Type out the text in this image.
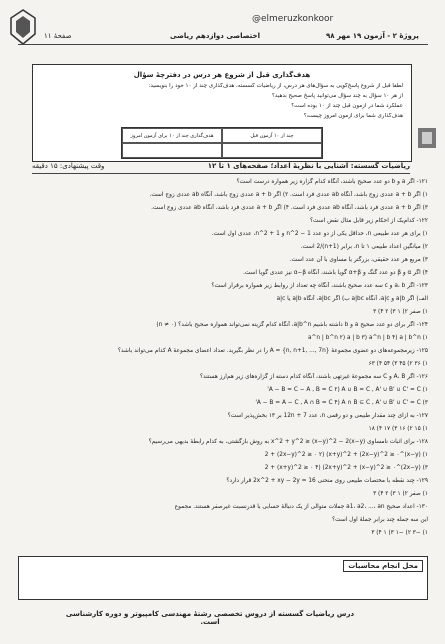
@elmeruzkonkoor
صفحهٔ ۱۱	اختصاصی دوازدهم ریاضی	پروژهٔ ۲ - آزمون ۱۹ مهر ۹۸
هدف‌گذاری قبل از شروع هر درس در دفترچهٔ سؤال
لطفاً قبل از شروع پاسخ‌گویی به سؤال‌های هر درس، از ریاضیات گسسته، هدف‌گذاری چند از ۱۰ خود را بنویسید:
از هر ۱۰ سؤال به چند سؤال می‌توانید پاسخ صحیح بدهید؟
عملکرد شما در آزمون قبل چند از ۱۰ بوده است؟
هدف‌گذاری شما برای آزمون امروز چیست؟
هدف‌گذاری چند از ۱۰ برای آزمون امروز	چند از ۱۰ آزمون قبل
ریاضیات گسسته: آشنایی با نظریهٔ اعداد؛ صفحه‌های ۱ تا ۱۲
وقت پیشنهادی: ۱۵ دقیقه
۱۲۱- اگر a و b دو عدد صحیح باشند، آنگاه کدام گزاره زیر همواره درست است؟
۱) اگر a + b عددی زوج باشد، آنگاه ab عددی فرد است. ۲) اگر a + b عددی زوج باشد، آنگاه ab عددی زوج است.
۳) اگر a + b عددی فرد باشد، آنگاه ab عددی فرد است. ۴) اگر a + b عددی فرد باشد، آنگاه ab عددی زوج است.
۱۲۲- کدام‌یک از احکام زیر قابل مثال نقض است؟
۱) برای هر عدد طبیعی n، حداقل یکی از دو عدد 1 − 2^n و 1 + 2^n، عددی اول است.
۲) میانگین اعداد طبیعی ۱ تا n، برابر (n+1)/2 است.
۳) مربع هر عدد حقیقی، بزرگتر یا مساوی با آن عدد است.
۴) اگر α و β دو عدد گنگ و α+β گویا باشند، آنگاه α−β نیز عددی گویا است.
۱۲۳- اگر a، b و c سه عدد صحیح باشند، آنگاه چه تعداد از روابط زیر همواره برقرار است؟
الف) اگر a|b و a|c، آنگاه a|bc ب) اگر a|bc، آنگاه a|b یا a|c
۱) صفر ۲) ۱ ۳) ۲ ۴) ۳
۱۲۴- اگر برای دو عدد صحیح a و b داشته باشیم a|b^n، آنگاه کدام گزینه نمی‌تواند همواره صحیح باشد؟ (n ≠ ۰)
۱) a^n | b^n ۲) a | b ۳) a^n | b ۴) a | b^n
۱۲۵- زیرمجموعه‌های دو عضوی مجموعهٔ A = {n, n+1, ..., 7n} را در نظر بگیرید. تعداد اعضای مجموعهٔ A کدام می‌تواند باشد؟
۱) ۳۶ ۲) ۴۵ ۳) ۵۴ ۴) ۶۳
۱۲۶- اگر A، B و C سه مجموعهٔ غیرتهی باشند، آنگاه کدام دسته از گزاره‌های زیر هم‌ارز هستند؟
۱) A − B = C − A , B = C ۲) A ∪ B = C , A' ∪ B' ∪ C' = C'
۳) A − B = A − C , A ∩ B = C ۴) A ∩ B ⊆ C , A' ∪ B' ∪ C' = C'
۱۲۷- به ازای چند مقدار طبیعی و دو رقمی n، عدد 12n + 7 بر ۱۳ بخش‌پذیر است؟
۱) ۱۵ ۲) ۱۶ ۳) ۱۷ ۴) ۱۸
۱۲۸- برای اثبات نامساوی x^2 + y^2 ≥ (x−y)^2 − 2(x−y) به روش بازگشتی، به کدام رابطهٔ بدیهی می‌رسیم؟
۱) (x−y)^2 + (2x−y)^2 ≥ ۰ ۲) (x+y)^2 + (2x−y)^2 ≥ ۰
۳) (2x−y)^2 + (x+y)^2 ≥ ۰ ۴) (2x+y)^2 + (x−y)^2 ≥ ۰
۱۲۹- چند نقطه با مختصات طبیعی روی منحنی 2x^2 + xy − 2y = 16 قرار دارد؟
۱) صفر ۲) ۱ ۳) ۲ ۴) ۳
۱۳۰- اعداد صحیح a1، a2، ...، an جملات متوالی از یک دنبالهٔ حسابی با قدرنسبت غیرصفر هستند. مجموع
این سه جمله چند برابر جملهٔ اول است؟
۱) −۳ ۲) −۱ ۳) ۱ ۴) ۳
محل انجام محاسبات
درس ریاضیات گسسته از دروس تخصصی رشتهٔ مهندسی کامپیوتر و دوره کارشناسی است.
